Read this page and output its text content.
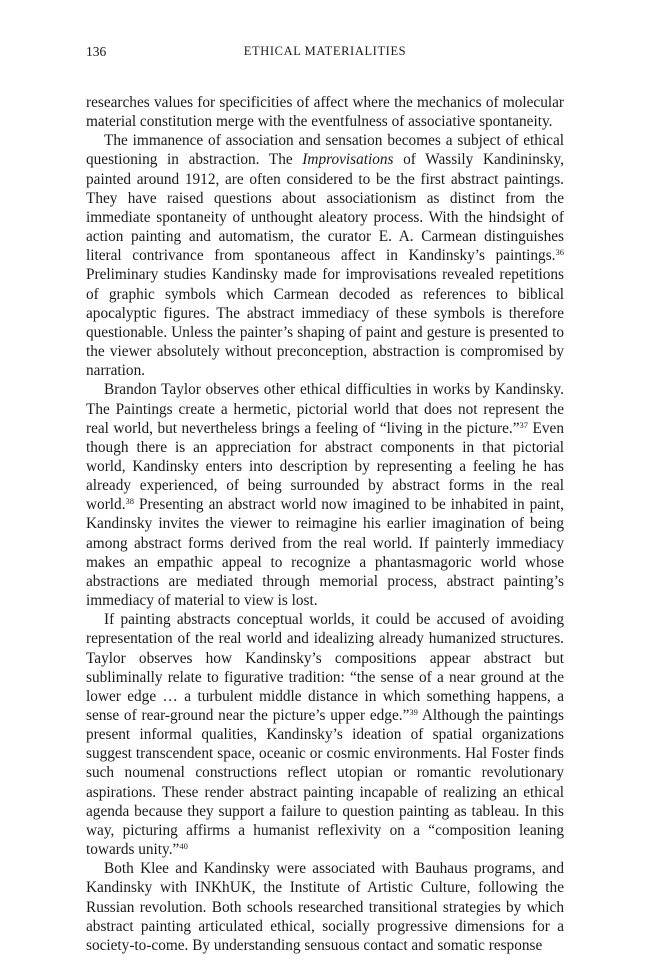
136	ETHICAL MATERIALITIES

researches values for specificities of affect where the mechanics of molecular material constitution merge with the eventfulness of associative spontaneity.

The immanence of association and sensation becomes a subject of ethical questioning in abstraction. The Improvisations of Wassily Kandininsky, painted around 1912, are often considered to be the first abstract paintings. They have raised questions about associationism as distinct from the immediate spontaneity of unthought aleatory process. With the hindsight of action painting and automatism, the curator E. A. Carmean distinguishes literal contrivance from spontaneous affect in Kandinsky’s paintings.$^{36}$ Preliminary studies Kandinsky made for improvisations revealed repetitions of graphic symbols which Carmean decoded as references to biblical apocalyptic figures. The abstract immediacy of these symbols is therefore questionable. Unless the painter’s shaping of paint and gesture is presented to the viewer absolutely without preconception, abstraction is compromised by narration.

Brandon Taylor observes other ethical difficulties in works by Kandinsky. The Paintings create a hermetic, pictorial world that does not represent the real world, but nevertheless brings a feeling of “living in the picture.”$^{37}$ Even though there is an appreciation for abstract components in that pictorial world, Kandinsky enters into description by representing a feeling he has already experienced, of being surrounded by abstract forms in the real world.$^{38}$ Presenting an abstract world now imagined to be inhabited in paint, Kandinsky invites the viewer to reimagine his earlier imagination of being among abstract forms derived from the real world. If painterly immediacy makes an empathic appeal to recognize a phantasmagoric world whose abstractions are mediated through memorial process, abstract painting’s immediacy of material to view is lost.

If painting abstracts conceptual worlds, it could be accused of avoiding representation of the real world and idealizing already humanized structures. Taylor observes how Kandinsky’s compositions appear abstract but subliminally relate to figurative tradition: “the sense of a near ground at the lower edge … a turbulent middle distance in which something happens, a sense of rear-ground near the picture’s upper edge.”$^{39}$ Although the paintings present informal qualities, Kandinsky’s ideation of spatial organizations suggest transcendent space, oceanic or cosmic environments. Hal Foster finds such noumenal constructions reflect utopian or romantic revolutionary aspirations. These render abstract painting incapable of realizing an ethical agenda because they support a failure to question painting as tableau. In this way, picturing affirms a humanist reflexivity on a “composition leaning towards unity.”$^{40}$

Both Klee and Kandinsky were associated with Bauhaus programs, and Kandinsky with INKhUK, the Institute of Artistic Culture, following the Russian revolution. Both schools researched transitional strategies by which abstract painting articulated ethical, socially progressive dimensions for a society-to-come. By understanding sensuous contact and somatic response
